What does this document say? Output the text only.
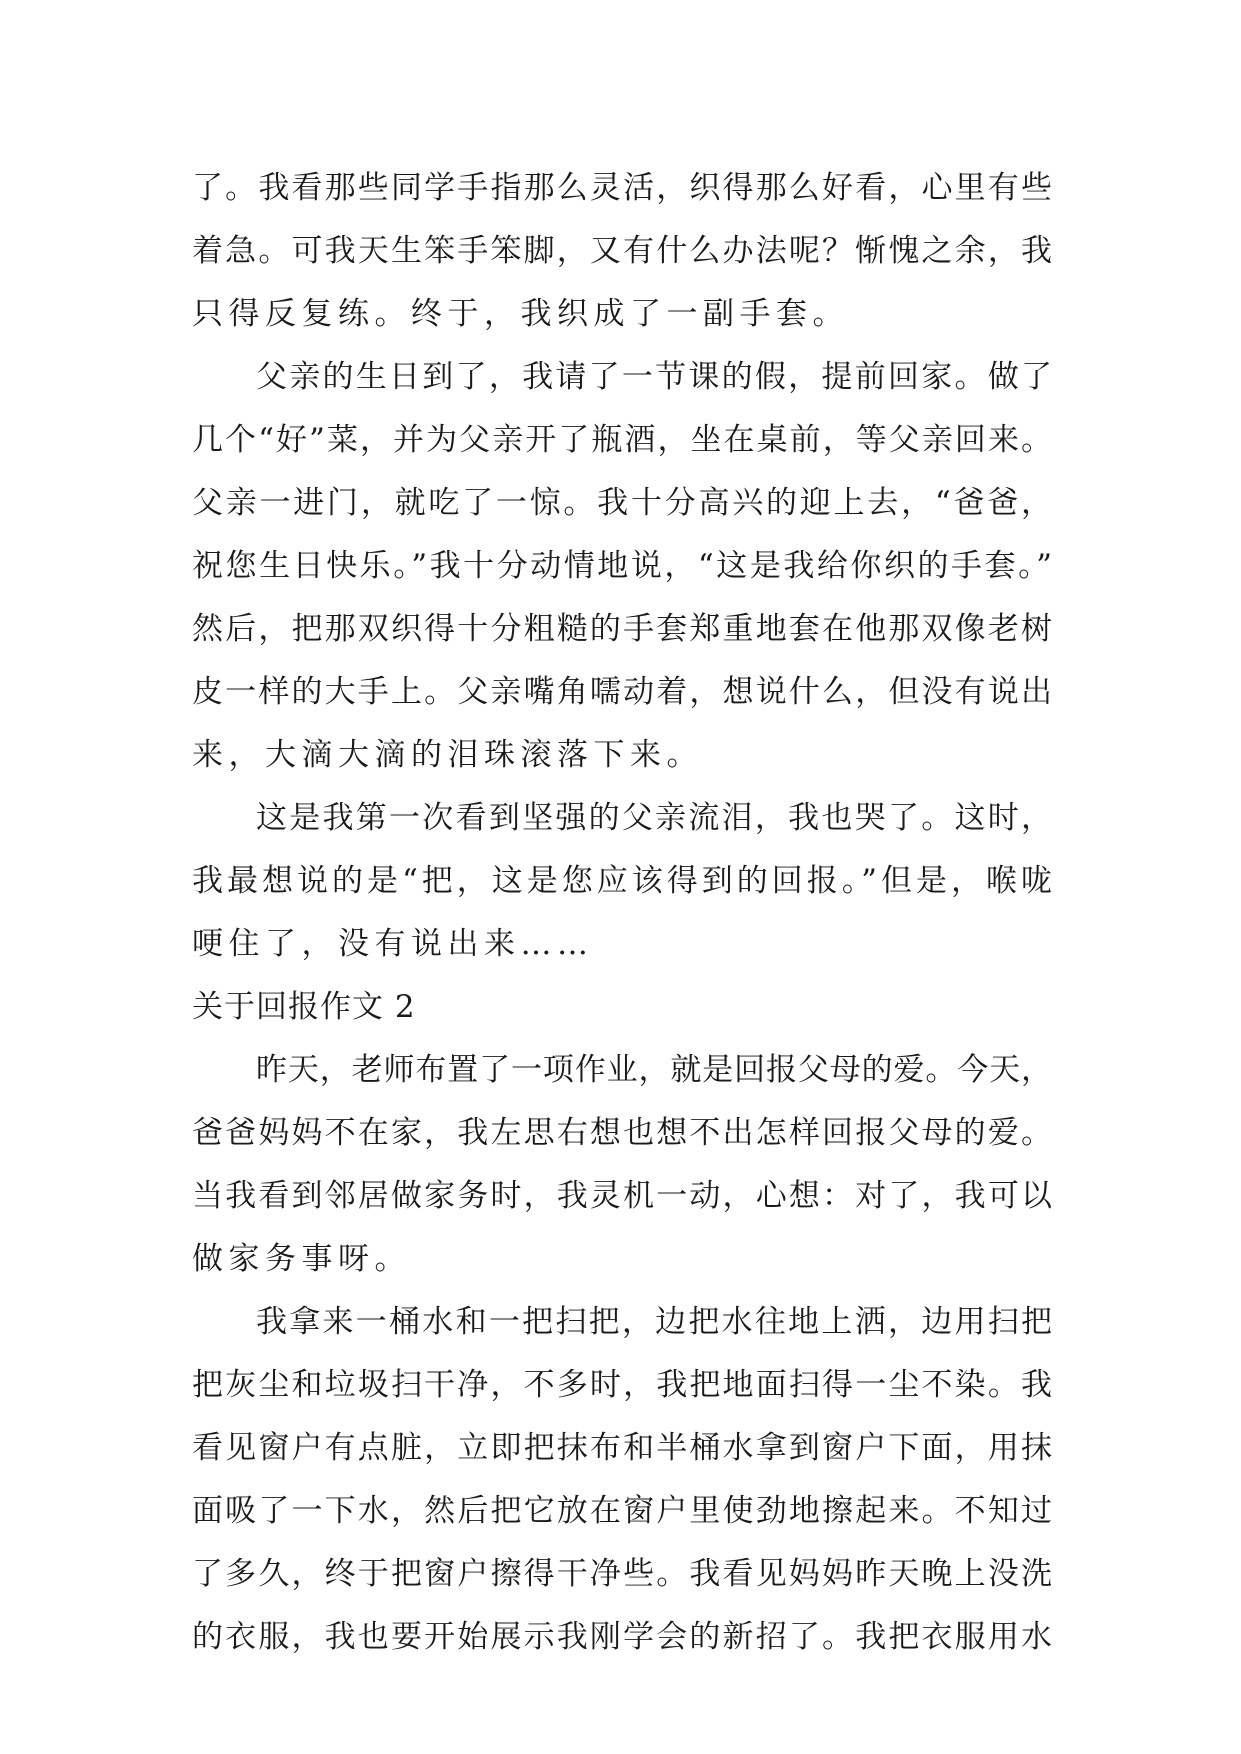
了。我看那些同学手指那么灵活，织得那么好看，心里有些
着急。可我天生笨手笨脚，又有什么办法呢？惭愧之余，我
只得反复练。终于，我织成了一副手套。
父亲的生日到了，我请了一节课的假，提前回家。做了
几个“好”菜，并为父亲开了瓶酒，坐在桌前，等父亲回来。
父亲一进门，就吃了一惊。我十分高兴的迎上去，“爸爸，
祝您生日快乐。”我十分动情地说，“这是我给你织的手套。”
然后，把那双织得十分粗糙的手套郑重地套在他那双像老树
皮一样的大手上。父亲嘴角嚅动着，想说什么，但没有说出
来，大滴大滴的泪珠滚落下来。
这是我第一次看到坚强的父亲流泪，我也哭了。这时，
我最想说的是“把，这是您应该得到的回报。”但是，喉咙
哽住了，没有说出来……
关于回报作文 2
昨天，老师布置了一项作业，就是回报父母的爱。今天，
爸爸妈妈不在家，我左思右想也想不出怎样回报父母的爱。
当我看到邻居做家务时，我灵机一动，心想：对了，我可以
做家务事呀。
我拿来一桶水和一把扫把，边把水往地上洒，边用扫把
把灰尘和垃圾扫干净，不多时，我把地面扫得一尘不染。我
看见窗户有点脏，立即把抹布和半桶水拿到窗户下面，用抹
面吸了一下水，然后把它放在窗户里使劲地擦起来。不知过
了多久，终于把窗户擦得干净些。我看见妈妈昨天晚上没洗
的衣服，我也要开始展示我刚学会的新招了。我把衣服用水
